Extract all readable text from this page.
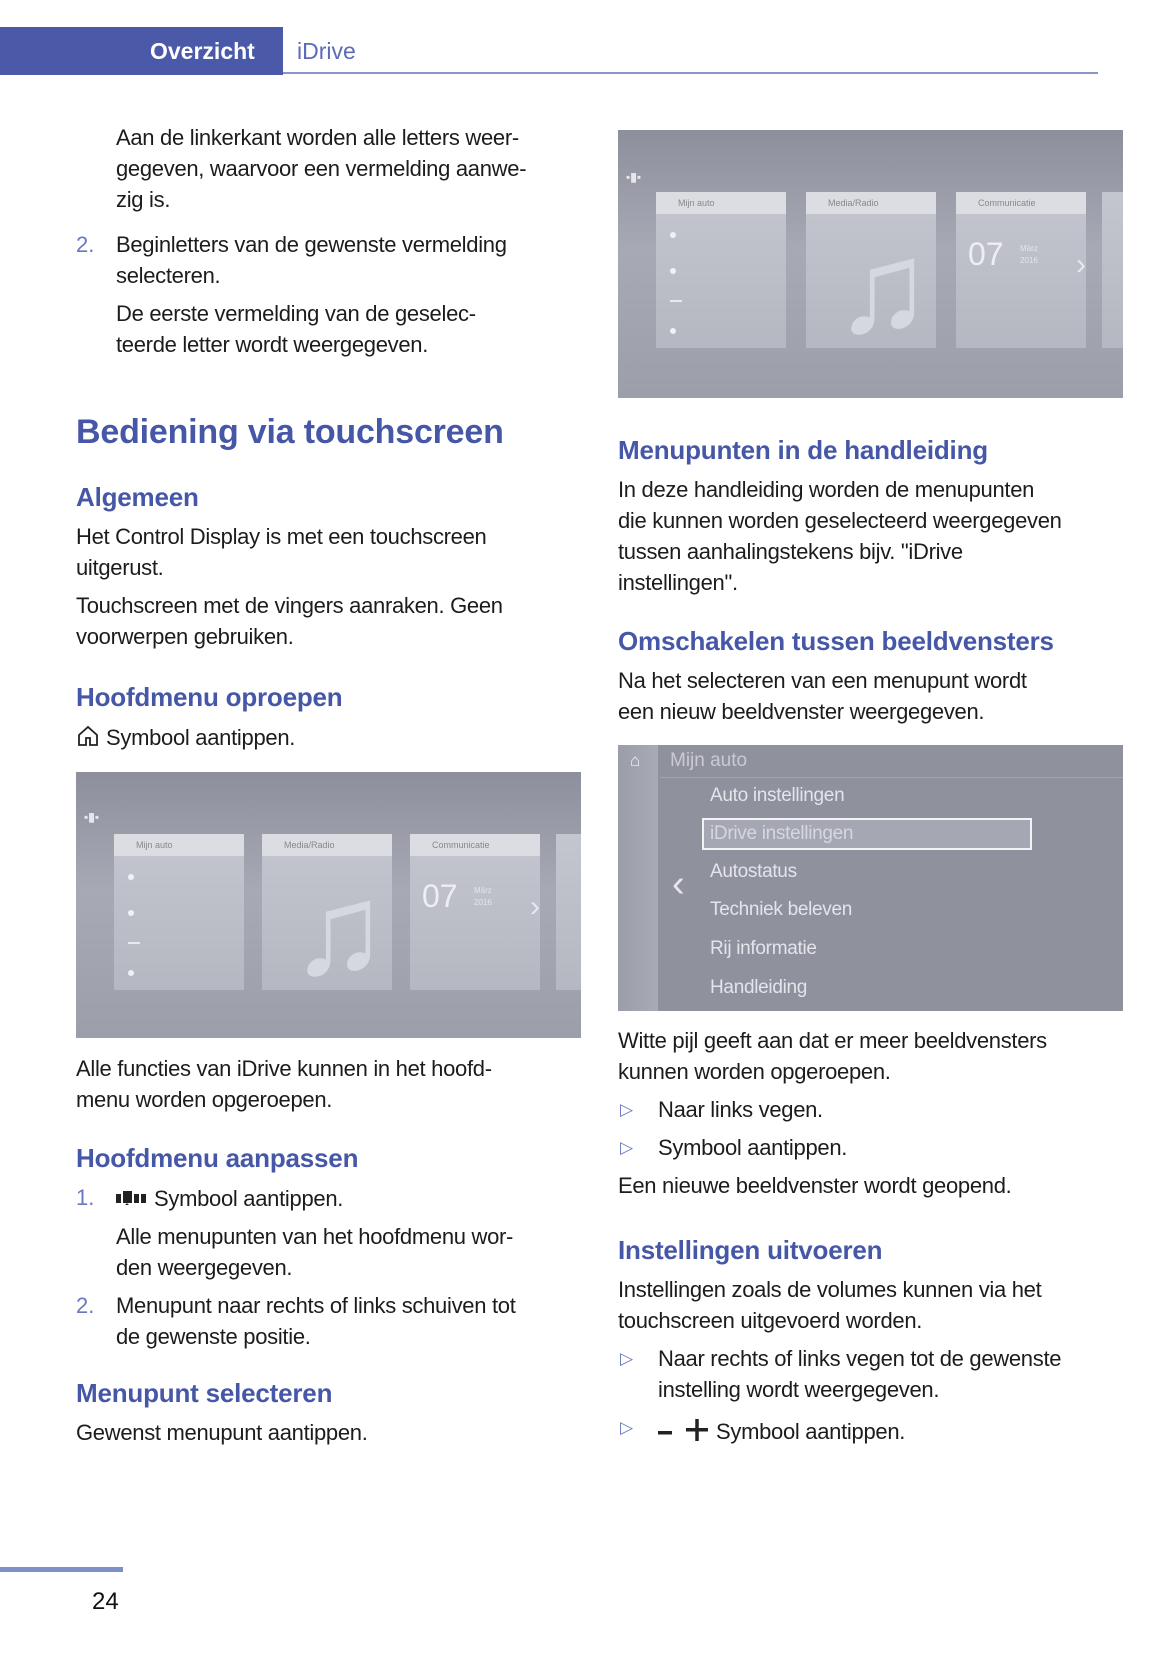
Overzicht iDrive

Aan de linkerkant worden alle letters weer-

gegeven, waarvoor een vermelding aanwe-

zig is.

2. Beginletters van de gewenste vermelding

selecteren.

De eerste vermelding van de geselec-

teerde letter wordt weergegeven.

Bediening via touchscreen
Algemeen

Het Control Display is met een touchscreen

uitgerust.

Touchscreen met de vingers aanraken. Geen

voorwerpen gebruiken.

Hoofdmenu oproepen

Symbool aantippen.

▪▮▪
Mijn auto	Media/Radio
♫
Communicatie
07 März
2016 ›

Alle functies van iDrive kunnen in het hoofd-

menu worden opgeroepen.

Hoofdmenu aanpassen
1.	Symbool aantippen.

Alle menupunten van het hoofdmenu wor-

den weergegeven.

2. Menupunt naar rechts of links schuiven tot

de gewenste positie.

Menupunt selecteren

Gewenst menupunt aantippen.

▪▮▪
Mijn auto	Media/Radio
♫
Communicatie
07 März
2016 ›
Menupunten in de handleiding

In deze handleiding worden de menupunten

die kunnen worden geselecteerd weergegeven

tussen aanhalingstekens bijv. "iDrive

instellingen".

Omschakelen tussen beeldvensters

Na het selecteren van een menupunt wordt

een nieuw beeldvenster weergegeven.

⌂ Mijn auto
‹
Auto instellingen
iDrive instellingen
Autostatus
Techniek beleven
Rij informatie
Handleiding

Witte pijl geeft aan dat er meer beeldvensters

kunnen worden opgeroepen.

▷	Naar links vegen.

▷	Symbool aantippen.

Een nieuwe beeldvenster wordt geopend.

Instellingen uitvoeren

Instellingen zoals de volumes kunnen via het

touchscreen uitgevoerd worden.

▷ Naar rechts of links vegen tot de gewenste

instelling wordt weergegeven.

▷	Symbool aantippen.

24
